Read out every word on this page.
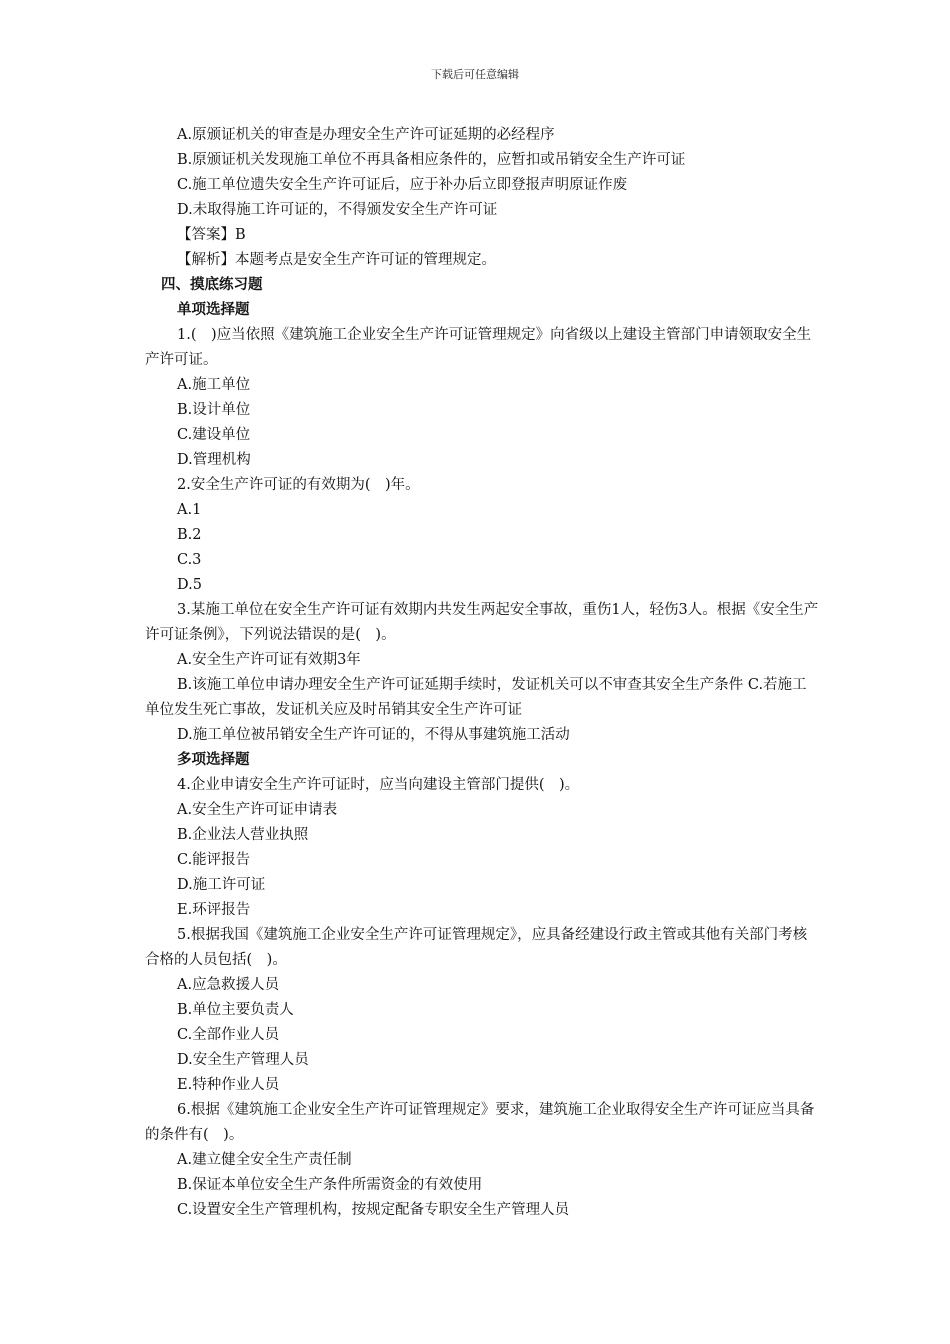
下载后可任意编辑

A.原颁证机关的审查是办理安全生产许可证延期的必经程序

B.原颁证机关发现施工单位不再具备相应条件的，应暂扣或吊销安全生产许可证

C.施工单位遗失安全生产许可证后，应于补办后立即登报声明原证作废

D.未取得施工许可证的，不得颁发安全生产许可证

【答案】B

【解析】本题考点是安全生产许可证的管理规定。

四、摸底练习题

单项选择题

1.(　)应当依照《建筑施工企业安全生产许可证管理规定》向省级以上建设主管部门申请领取安全生产许可证。

A.施工单位

B.设计单位

C.建设单位

D.管理机构

2.安全生产许可证的有效期为(　)年。

A.1

B.2

C.3

D.5

3.某施工单位在安全生产许可证有效期内共发生两起安全事故，重伤1人，轻伤3人。根据《安全生产许可证条例》，下列说法错误的是(　)。

A.安全生产许可证有效期3年

B.该施工单位申请办理安全生产许可证延期手续时，发证机关可以不审查其安全生产条件 C.若施工单位发生死亡事故，发证机关应及时吊销其安全生产许可证

D.施工单位被吊销安全生产许可证的，不得从事建筑施工活动

多项选择题

4.企业申请安全生产许可证时，应当向建设主管部门提供(　)。

A.安全生产许可证申请表

B.企业法人营业执照

C.能评报告

D.施工许可证

E.环评报告

5.根据我国《建筑施工企业安全生产许可证管理规定》，应具备经建设行政主管或其他有关部门考核合格的人员包括(　)。

A.应急救援人员

B.单位主要负责人

C.全部作业人员

D.安全生产管理人员

E.特种作业人员

6.根据《建筑施工企业安全生产许可证管理规定》要求，建筑施工企业取得安全生产许可证应当具备的条件有(　)。

A.建立健全安全生产责任制

B.保证本单位安全生产条件所需资金的有效使用

C.设置安全生产管理机构，按规定配备专职安全生产管理人员
